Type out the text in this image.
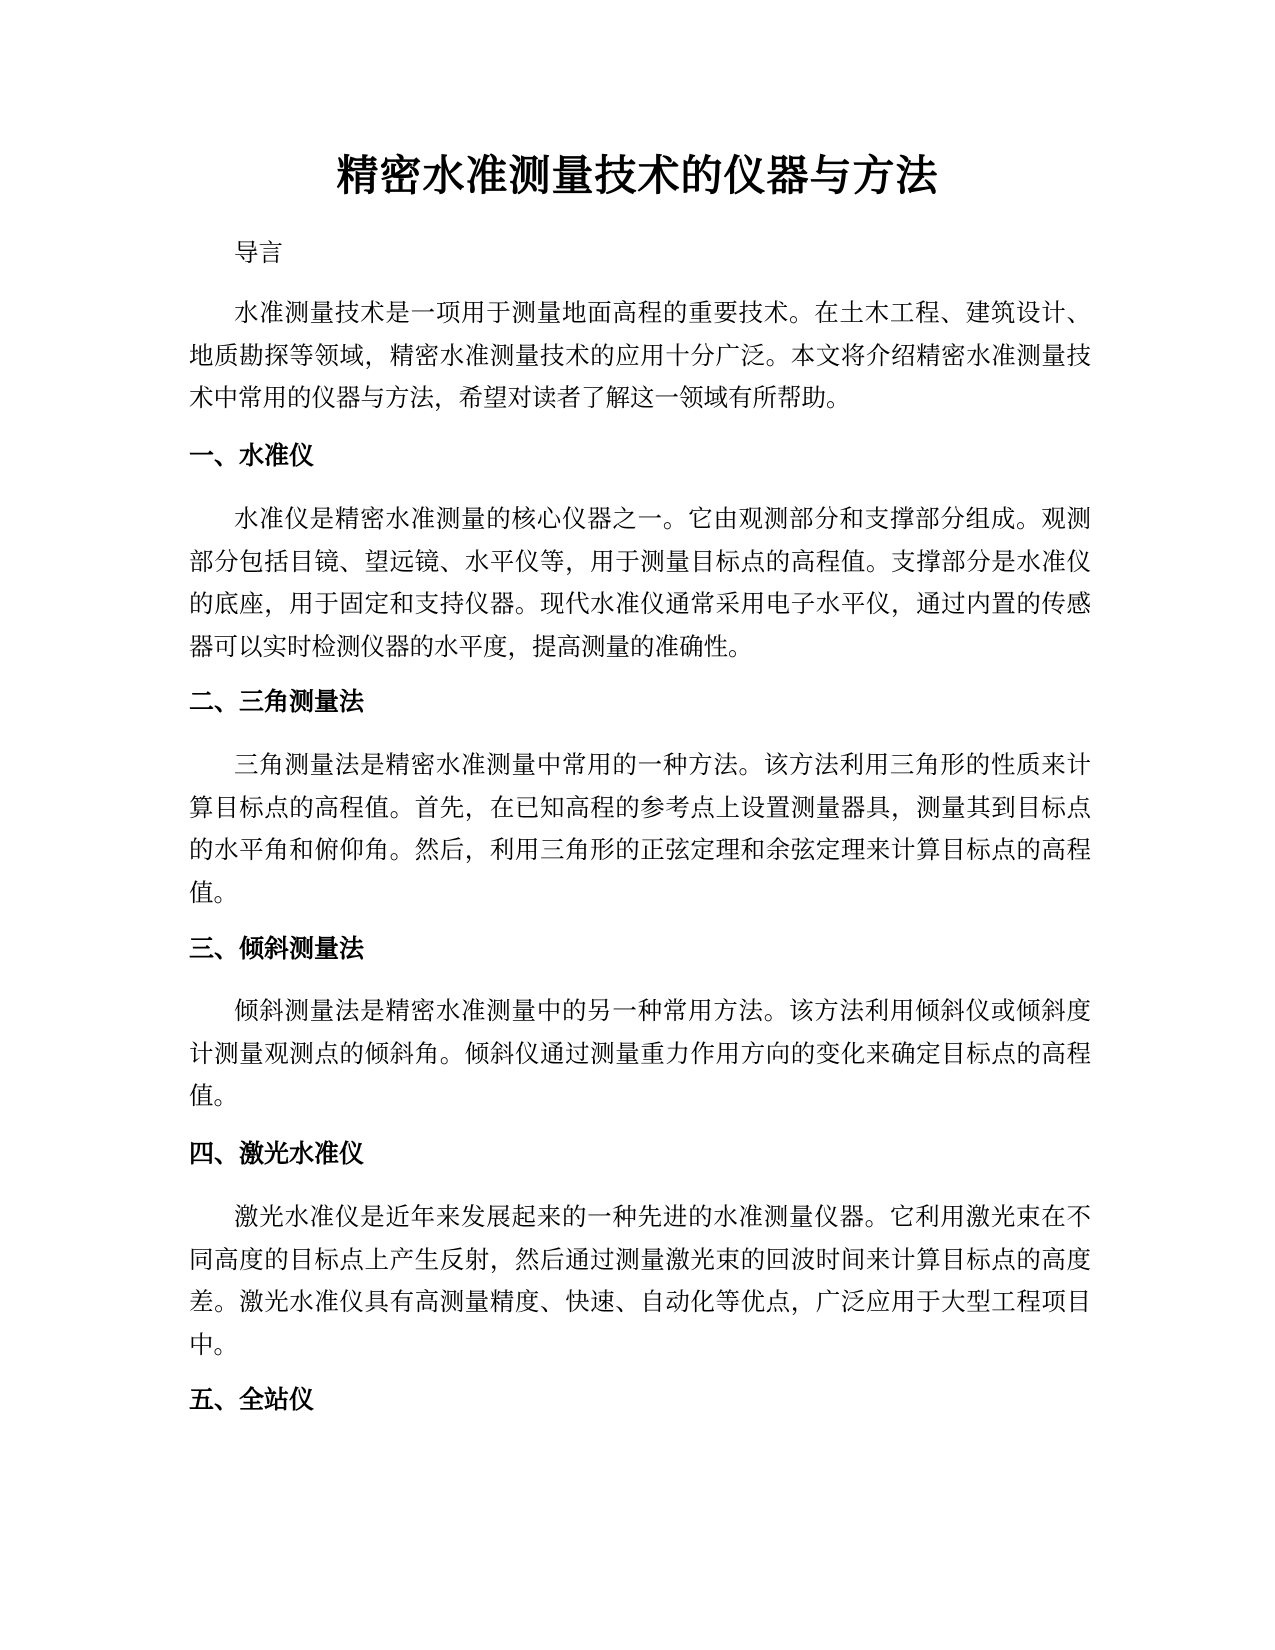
精密水准测量技术的仪器与方法

导言

水准测量技术是一项用于测量地面高程的重要技术。在土木工程、建筑设计、地质勘探等领域，精密水准测量技术的应用十分广泛。本文将介绍精密水准测量技术中常用的仪器与方法，希望对读者了解这一领域有所帮助。

一、水准仪

水准仪是精密水准测量的核心仪器之一。它由观测部分和支撑部分组成。观测部分包括目镜、望远镜、水平仪等，用于测量目标点的高程值。支撑部分是水准仪的底座，用于固定和支持仪器。现代水准仪通常采用电子水平仪，通过内置的传感器可以实时检测仪器的水平度，提高测量的准确性。

二、三角测量法

三角测量法是精密水准测量中常用的一种方法。该方法利用三角形的性质来计算目标点的高程值。首先，在已知高程的参考点上设置测量器具，测量其到目标点的水平角和俯仰角。然后，利用三角形的正弦定理和余弦定理来计算目标点的高程值。

三、倾斜测量法

倾斜测量法是精密水准测量中的另一种常用方法。该方法利用倾斜仪或倾斜度计测量观测点的倾斜角。倾斜仪通过测量重力作用方向的变化来确定目标点的高程值。

四、激光水准仪

激光水准仪是近年来发展起来的一种先进的水准测量仪器。它利用激光束在不同高度的目标点上产生反射，然后通过测量激光束的回波时间来计算目标点的高度差。激光水准仪具有高测量精度、快速、自动化等优点，广泛应用于大型工程项目中。

五、全站仪
